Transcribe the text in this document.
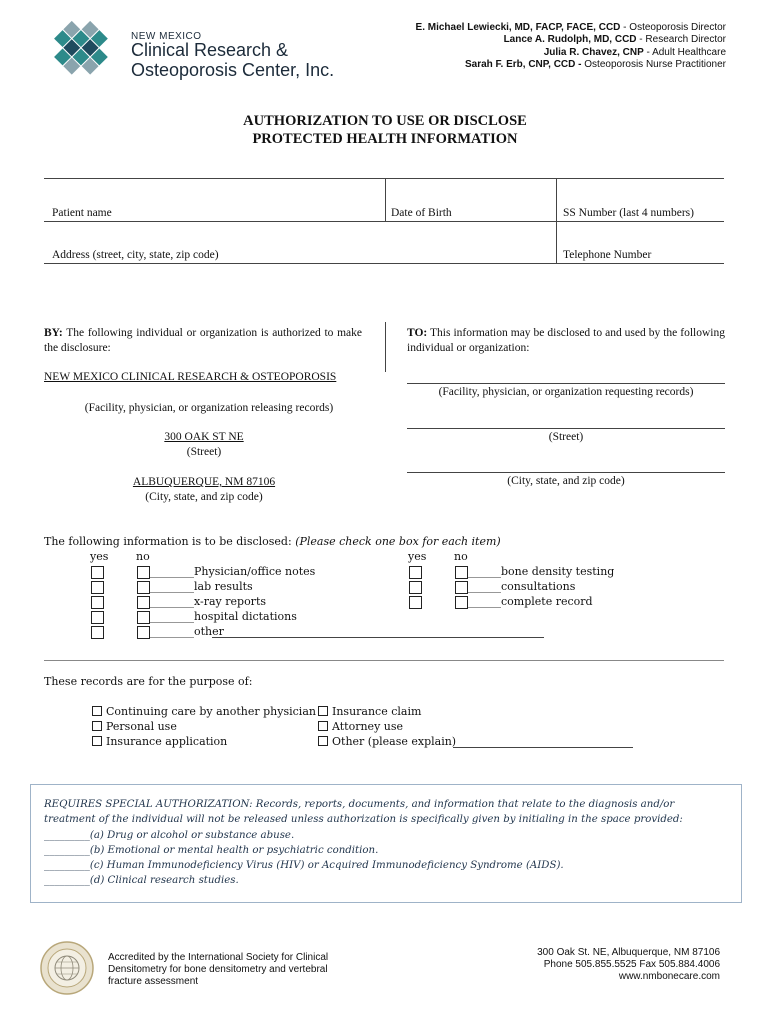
NEW MEXICO
Clinical Research &
Osteoporosis Center, Inc.
E. Michael Lewiecki, MD, FACP, FACE, CCD - Osteoporosis Director
Lance A. Rudolph, MD, CCD - Research Director
Julia R. Chavez, CNP - Adult Healthcare
Sarah F. Erb, CNP, CCD - Osteoporosis Nurse Practitioner
AUTHORIZATION TO USE OR DISCLOSE
PROTECTED HEALTH INFORMATION
Patient name	Date of Birth	SS Number (last 4 numbers)
Address (street, city, state, zip code)	Telephone Number
BY: The following individual or organization is authorized to make the disclosure:
TO: This information may be disclosed to and used by the following individual or organization:
NEW MEXICO CLINICAL RESEARCH & OSTEOPOROSIS
(Facility, physician, or organization releasing records)
300 OAK ST NE
(Street)
ALBUQUERQUE, NM 87106
(City, state, and zip code)
(Facility, physician, or organization requesting records)
(Street)
(City, state, and zip code)
The following information is to be disclosed: (Please check one box for each item)
yes	no	yes	no
________Physician/office notes
________lab results
________x-ray reports
________hospital dictations
________other
______bone density testing
______consultations
______complete record
These records are for the purpose of:
Continuing care by another physician
Personal use
Insurance application
Insurance claim
Attorney use
Other (please explain)
REQUIRES SPECIAL AUTHORIZATION: Records, reports, documents, and information that relate to the diagnosis and/or
treatment of the individual will not be released unless authorization is specifically given by initialing in the space provided:
_________(a) Drug or alcohol or substance abuse.
_________(b) Emotional or mental health or psychiatric condition.
_________(c) Human Immunodeficiency Virus (HIV) or Acquired Immunodeficiency Syndrome (AIDS).
_________(d) Clinical research studies.
Accredited by the International Society for Clinical
Densitometry for bone densitometry and vertebral
fracture assessment
300 Oak St. NE, Albuquerque, NM 87106
Phone 505.855.5525 Fax 505.884.4006
www.nmbonecare.com
